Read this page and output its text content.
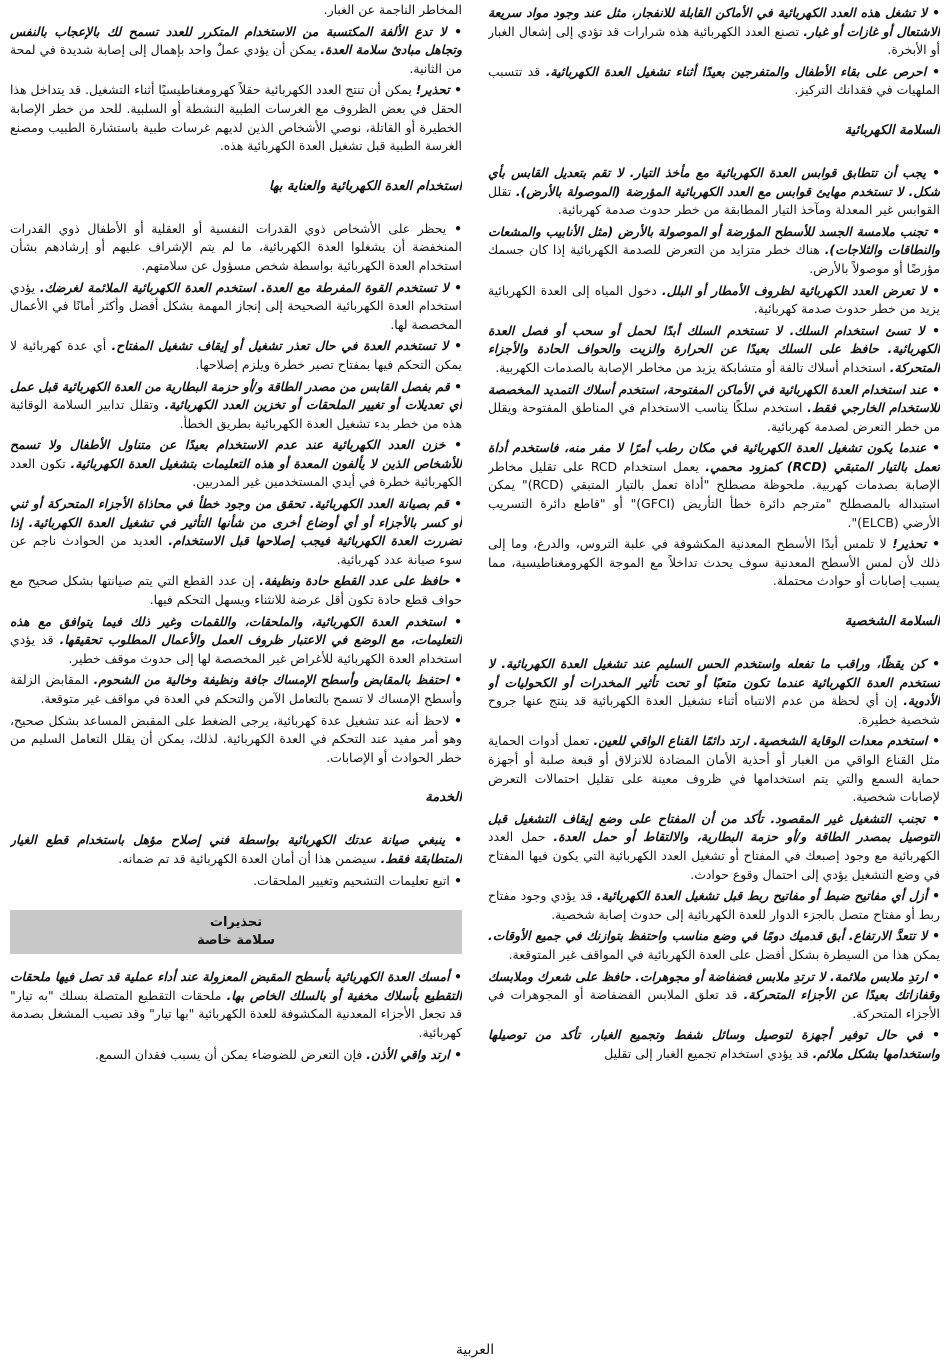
• لا تشغل هذه العدد الكهربائية في الأماكن القابلة للانفجار، مثل عند وجود مواد سريعة الاشتعال أو غازات أو غبار. تصنع العدد الكهربائية هذه شرارات قد تؤدي إلى إشعال الغبار أو الأبخرة.

• احرص على بقاء الأطفال والمتفرجين بعيدًا أثناء تشغيل العدة الكهربائية. قد تتسبب الملهيات في فقدانك التركيز.

السلامة الكهربائية

• يجب أن تتطابق قوابس العدة الكهربائية مع مأخذ التيار. لا تقم بتعديل القابس بأي شكل. لا تستخدم مهايئ قوابس مع العدد الكهربائية المؤرضة (الموصولة بالأرض). تقلل القوابس غير المعدلة ومآخذ التيار المطابقة من خطر حدوث صدمة كهربائية.

• تجنب ملامسة الجسد للأسطح المؤرضة أو الموصولة بالأرض (مثل الأنابيب والمشعات والنطاقات والثلاجات). هناك خطر متزايد من التعرض للصدمة الكهربائية إذا كان جسمك مؤرضًا أو موصولاً بالأرض.

• لا تعرض العدد الكهربائية لظروف الأمطار أو البلل. دخول المياه إلى العدة الكهربائية يزيد من خطر حدوث صدمة كهربائية.

• لا تسئ استخدام السلك. لا تستخدم السلك أبدًا لحمل أو سحب أو فصل العدة الكهربائية. حافظ على السلك بعيدًا عن الحرارة والزيت والحواف الحادة والأجزاء المتحركة. استخدام أسلاك تالفة أو متشابكة يزيد من مخاطر الإصابة بالصدمات الكهربية.

• عند استخدام العدة الكهربائية في الأماكن المفتوحة، استخدم أسلاك التمديد المخصصة للاستخدام الخارجي فقط. استخدم سلكًا يناسب الاستخدام في المناطق المفتوحة ويقلل من خطر التعرض لصدمة كهربائية.

• عندما يكون تشغيل العدة الكهربائية في مكان رطب أمرًا لا مفر منه، فاستخدم أداة تعمل بالتيار المتبقي (RCD) كمزود محمي. يعمل استخدام RCD على تقليل مخاطر الإصابة بصدمات كهربية. ملحوظة مصطلح "أداة تعمل بالتيار المتبقي (RCD)" يمكن استبداله بالمصطلح "مترجم دائرة خطأ التأريض (GFCI)" أو "قاطع دائرة التسريب الأرضي (ELCB)".

• تحذير! لا تلمس أبدًا الأسطح المعدنية المكشوفة في علبة التروس، والدرع، وما إلى ذلك لأن لمس الأسطح المعدنية سوف يحدث تداخلاً مع الموجة الكهرومغناطيسية، مما يسبب إصابات أو حوادث محتملة.

السلامة الشخصية

• كن يقظًا، وراقب ما تفعله واستخدم الحس السليم عند تشغيل العدة الكهربائية. لا تستخدم العدة الكهربائية عندما تكون متعبًا أو تحت تأثير المخدرات أو الكحوليات أو الأدوية. إن أي لحظة من عدم الانتباه أثناء تشغيل العدة الكهربائية قد ينتج عنها جروح شخصية خطيرة.

• استخدم معدات الوقاية الشخصية. ارتد دائمًا القناع الواقي للعين. تعمل أدوات الحماية مثل القناع الواقي من الغبار أو أحذية الأمان المضادة للانزلاق أو قبعة صلبة أو أجهزة حماية السمع والتي يتم استخدامها في ظروف معينة على تقليل احتمالات التعرض لإصابات شخصية.

• تجنب التشغيل غير المقصود. تأكد من أن المفتاح على وضع إيقاف التشغيل قبل التوصيل بمصدر الطاقة و/أو حزمة البطارية، والالتقاط أو حمل العدة. حمل العدد الكهربائية مع وجود إصبعك في المفتاح أو تشغيل العدد الكهربائية التي يكون فيها المفتاح في وضع التشغيل يؤدي إلى احتمال وقوع حوادث.

• أزل أي مفاتيح ضبط أو مفاتيح ربط قبل تشغيل العدة الكهربائية. قد يؤدي وجود مفتاح ربط أو مفتاح متصل بالجزء الدوار للعدة الكهربائية إلى حدوث إصابة شخصية.

• لا تتعدَّ الارتفاع. أبق قدميك دومًا في وضع مناسب واحتفظ بتوازنك في جميع الأوقات. يمكن هذا من السيطرة بشكل أفضل على العدة الكهربائية في المواقف غير المتوقعة.

• ارتدِ ملابس ملائمة. لا ترتدِ ملابس فضفاضة أو مجوهرات. حافظ على شعرك وملابسك وقفازاتك بعيدًا عن الأجزاء المتحركة. قد تعلق الملابس الفضفاضة أو المجوهرات في الأجزاء المتحركة.

• في حال توفير أجهزة لتوصيل وسائل شفط وتجميع الغبار، تأكد من توصيلها واستخدامها بشكل ملائم. قد يؤدي استخدام تجميع الغبار إلى تقليل

المخاطر الناجمة عن الغبار.

• لا تدع الألفة المكتسبة من الاستخدام المتكرر للعدد تسمح لك بالإعجاب بالنفس وتجاهل مبادئ سلامة العدة. يمكن أن يؤدي عملٌ واحد بإهمال إلى إصابة شديدة في لمحة من الثانية.

• تحذير! يمكن أن تنتج العدد الكهربائية حقلاً كهرومغناطيسيًا أثناء التشغيل. قد يتداخل هذا الحقل في بعض الظروف مع الغرسات الطبية النشطة أو السلبية. للحد من خطر الإصابة الخطيرة أو القاتلة، نوصي الأشخاص الذين لديهم غرسات طبية باستشارة الطبيب ومصنع الغرسة الطبية قبل تشغيل العدة الكهربائية هذه.

استخدام العدة الكهربائية والعناية بها

• يحظر على الأشخاص ذوي القدرات النفسية أو العقلية أو الأطفال ذوي القدرات المنخفضة أن يشغلوا العدة الكهربائية، ما لم يتم الإشراف عليهم أو إرشادهم بشأن استخدام العدة الكهربائية بواسطة شخص مسؤول عن سلامتهم.

• لا تستخدم القوة المفرطة مع العدة. استخدم العدة الكهربائية الملائمة لغرضك. يؤدي استخدام العدة الكهربائية الصحيحة إلى إنجاز المهمة بشكل أفضل وأكثر أمانًا في الأعمال المخصصة لها.

• لا تستخدم العدة في حال تعذر تشغيل أو إيقاف تشغيل المفتاح. أي عدة كهربائية لا يمكن التحكم فيها بمفتاح تصير خطرة ويلزم إصلاحها.

• قم بفصل القابس من مصدر الطاقة و/أو حزمة البطارية من العدة الكهربائية قبل عمل أي تعديلات أو تغيير الملحقات أو تخزين العدد الكهربائية. وتقلل تدابير السلامة الوقائية هذه من خطر بدء تشغيل العدة الكهربائية بطريق الخطأ.

• خزن العدد الكهربائية عند عدم الاستخدام بعيدًا عن متناول الأطفال ولا تسمح للأشخاص الذين لا يألفون المعدة أو هذه التعليمات بتشغيل العدة الكهربائية. تكون العدد الكهربائية خطرة في أيدي المستخدمين غير المدربين.

• قم بصيانة العدد الكهربائية. تحقق من وجود خطأ في محاذاة الأجزاء المتحركة أو ثني أو كسر بالأجزاء أو أي أوضاع أخرى من شأنها التأثير في تشغيل العدة الكهربائية. إذا تضررت العدة الكهربائية فيجب إصلاحها قبل الاستخدام. العديد من الحوادث ناجم عن سوء صيانة عدد كهربائية.

• حافظ على عدد القطع حادة ونظيفة. إن عدد القطع التي يتم صيانتها بشكل صحيح مع حواف قطع حادة تكون أقل عرضة للانثناء ويسهل التحكم فيها.

• استخدم العدة الكهربائية، والملحقات، واللقمات وغير ذلك فيما يتوافق مع هذه التعليمات، مع الوضع في الاعتبار ظروف العمل والأعمال المطلوب تحقيقها. قد يؤدي استخدام العدة الكهربائية للأغراض غير المخصصة لها إلى حدوث موقف خطير.

• احتفظ بالمقابض وأسطح الإمساك جافة ونظيفة وخالية من الشحوم. المقابض الزلقة وأسطح الإمساك لا تسمح بالتعامل الآمن والتحكم في العدة في مواقف غير متوقعة.

• لاحظ أنه عند تشغيل عدة كهربائية، يرجى الضغط على المقبض المساعد بشكل صحيح، وهو أمر مفيد عند التحكم في العدة الكهربائية. لذلك، يمكن أن يقلل التعامل السليم من خطر الحوادث أو الإصابات.

الخدمة

• ينبغي صيانة عدتك الكهربائية بواسطة فني إصلاح مؤهل باستخدام قطع الغيار المتطابقة فقط. سيضمن هذا أن أمان العدة الكهربائية قد تم ضمانه.

• اتبع تعليمات التشحيم وتغيير الملحقات.

تحذيرات
سلامة خاصة

• أمسك العدة الكهربائية بأسطح المقبض المعزولة عند أداء عملية قد تصل فيها ملحقات التقطيع بأسلاك مخفية أو بالسلك الخاص بها. ملحقات التقطيع المتصلة بسلك "به تيار" قد تجعل الأجزاء المعدنية المكشوفة للعدة الكهربائية "بها تيار" وقد تصيب المشغل بصدمة كهربائية.

• ارتد واقي الأذن. فإن التعرض للضوضاء يمكن أن يسبب فقدان السمع.

العربية
